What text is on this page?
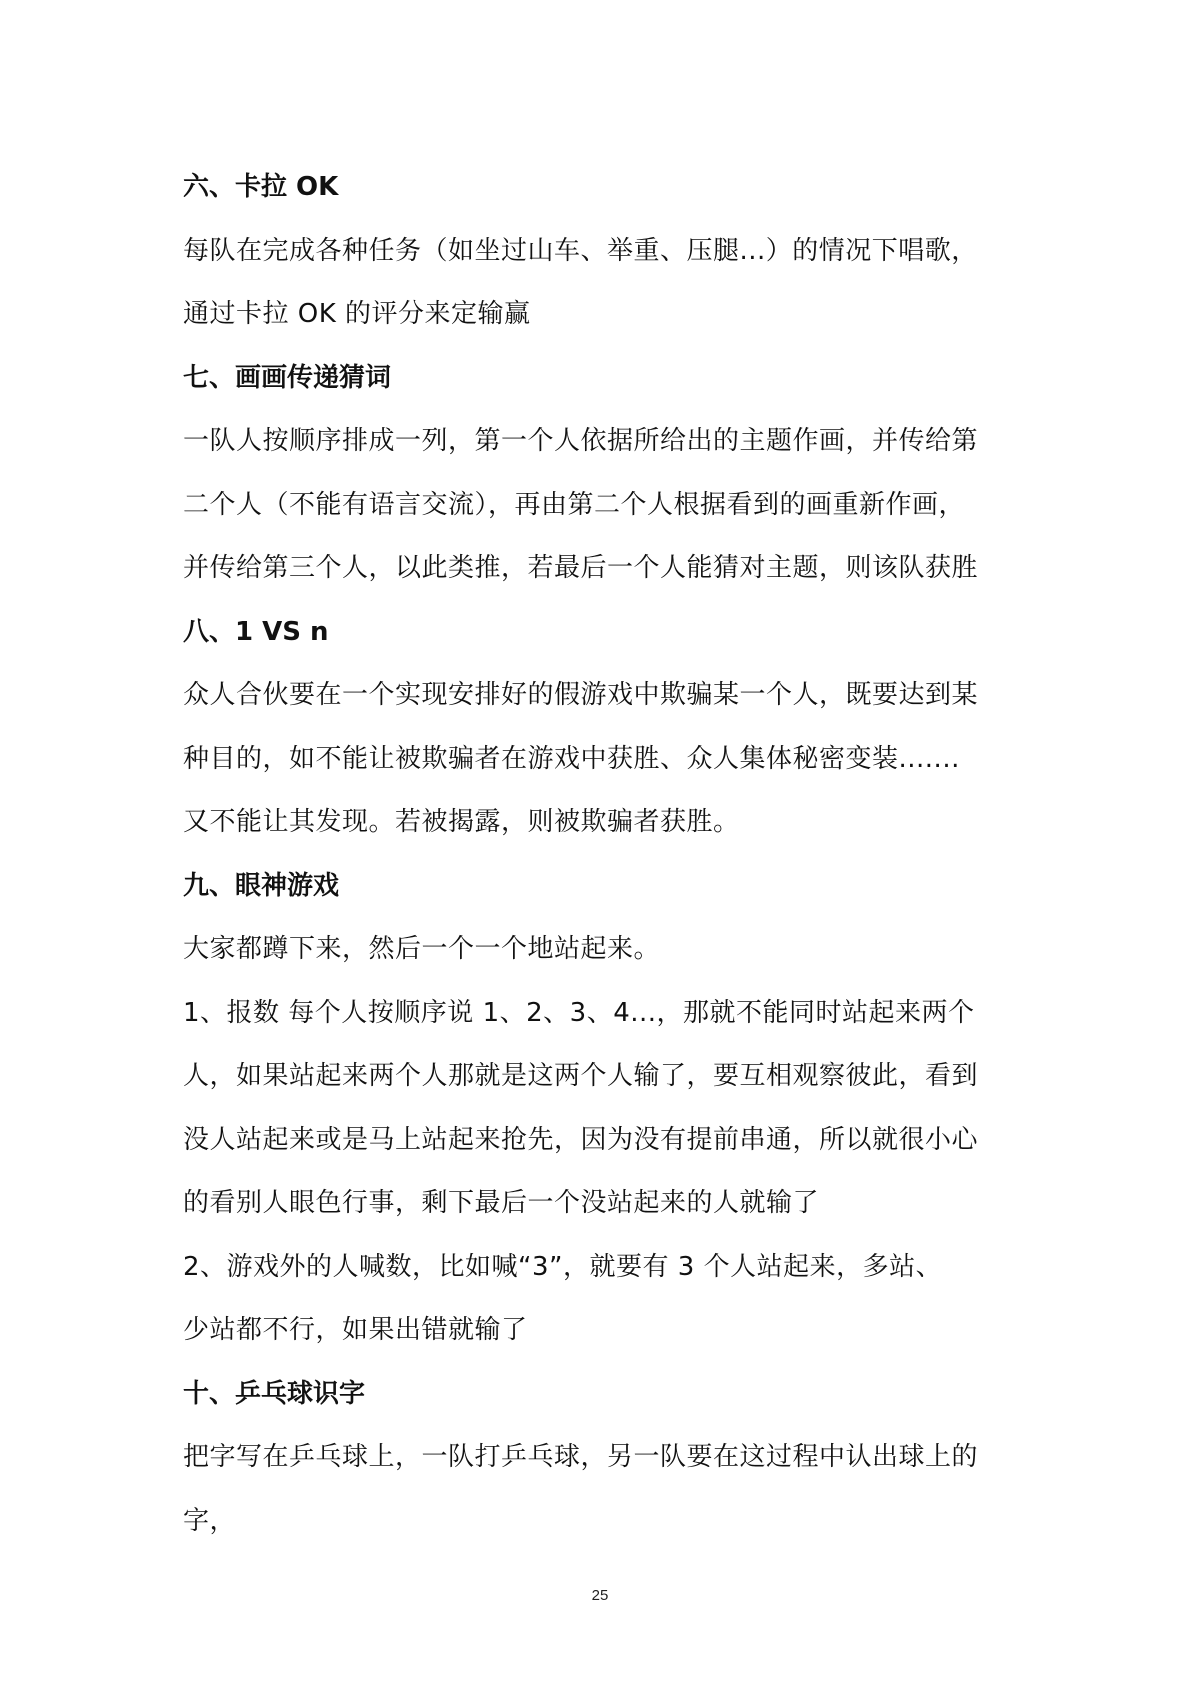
六、卡拉 OK
每队在完成各种任务（如坐过山车、举重、压腿...）的情况下唱歌，
通过卡拉 OK 的评分来定输赢
七、画画传递猜词
一队人按顺序排成一列，第一个人依据所给出的主题作画，并传给第
二个人（不能有语言交流），再由第二个人根据看到的画重新作画，
并传给第三个人，以此类推，若最后一个人能猜对主题，则该队获胜
八、1 VS n
众人合伙要在一个实现安排好的假游戏中欺骗某一个人，既要达到某
种目的，如不能让被欺骗者在游戏中获胜、众人集体秘密变装.......
又不能让其发现。若被揭露，则被欺骗者获胜。
九、眼神游戏
大家都蹲下来，然后一个一个地站起来。
1、报数 每个人按顺序说 1、2、3、4...，那就不能同时站起来两个
人，如果站起来两个人那就是这两个人输了，要互相观察彼此，看到
没人站起来或是马上站起来抢先，因为没有提前串通，所以就很小心
的看别人眼色行事，剩下最后一个没站起来的人就输了
2、游戏外的人喊数，比如喊“3”，就要有 3 个人站起来，多站、
少站都不行，如果出错就输了
十、乒乓球识字
把字写在乒乓球上，一队打乒乓球，另一队要在这过程中认出球上的
字，
25
